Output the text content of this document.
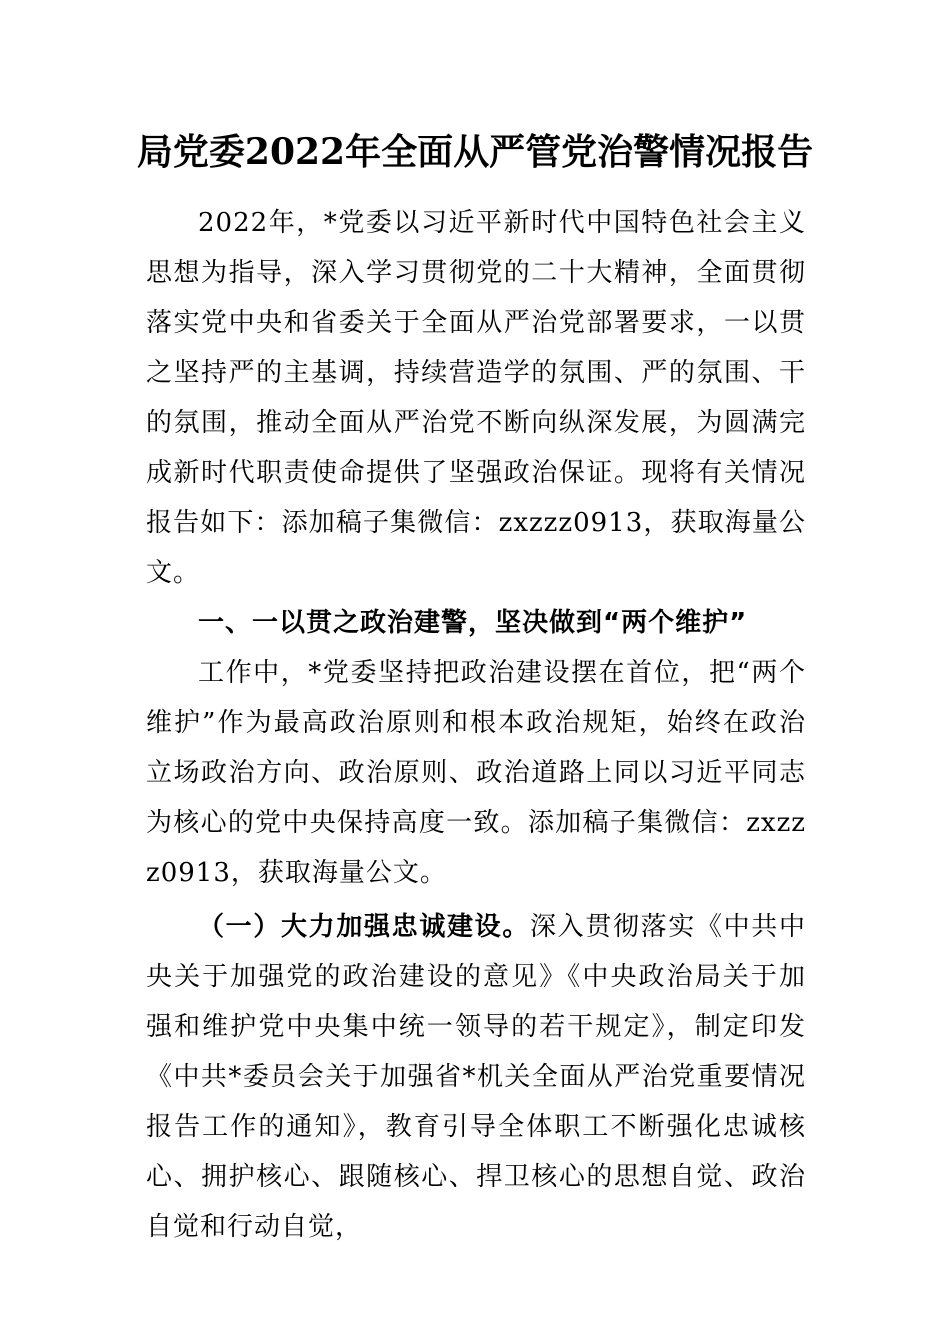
局党委2022年全面从严管党治警情况报告

2022年，*党委以习近平新时代中国特色社会主义思想为指导，深入学习贯彻党的二十大精神，全面贯彻落实党中央和省委关于全面从严治党部署要求，一以贯之坚持严的主基调，持续营造学的氛围、严的氛围、干的氛围，推动全面从严治党不断向纵深发展，为圆满完成新时代职责使命提供了坚强政治保证。现将有关情况报告如下：添加稿子集微信：zxzzz0913，获取海量公文。

一、一以贯之政治建警，坚决做到“两个维护”

工作中，*党委坚持把政治建设摆在首位，把“两个维护”作为最高政治原则和根本政治规矩，始终在政治立场政治方向、政治原则、政治道路上同以习近平同志为核心的党中央保持高度一致。添加稿子集微信：zxzzz0913，获取海量公文。

（一）大力加强忠诚建设。深入贯彻落实《中共中央关于加强党的政治建设的意见》《中央政治局关于加强和维护党中央集中统一领导的若干规定》，制定印发《中共*委员会关于加强省*机关全面从严治党重要情况报告工作的通知》，教育引导全体职工不断强化忠诚核心、拥护核心、跟随核心、捍卫核心的思想自觉、政治自觉和行动自觉，
